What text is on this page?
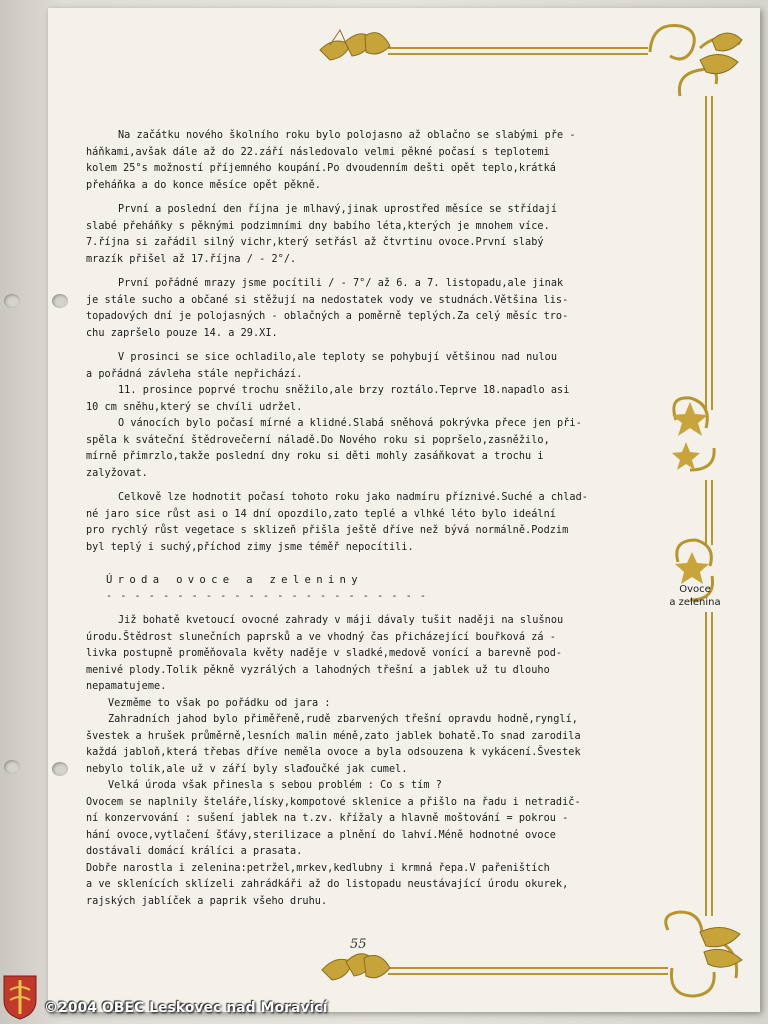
Na začátku nového školního roku bylo polojasno až oblačno se slabými pře -

háňkami,avšak dále až do 22.září následovalo velmi pěkné počasí s teplotemi

kolem 25°s možností příjemného koupání.Po dvoudenním dešti opět teplo,krátká

přeháňka a do konce měsíce opět pěkně.

První a poslední den října je mlhavý,jinak uprostřed měsíce se střídají

slabé přeháňky s pěknými podzimními dny babího léta,kterých je mnohem více.

7.října si zařádil silný vichr,který setřásl až čtvrtinu ovoce.První slabý

mrazík přišel až 17.října / - 2°/.

První pořádné mrazy jsme pocítili / - 7°/ až 6. a 7. listopadu,ale jinak

je stále sucho a občané si stěžují na nedostatek vody ve studnách.Většina lis-

topadových dní je polojasných - oblačných a poměrně teplých.Za celý měsíc tro-

chu zapršelo pouze 14. a 29.XI.

V prosinci se sice ochladilo,ale teploty se pohybují většinou nad nulou

a pořádná závleha stále nepřichází.

11. prosince poprvé trochu sněžilo,ale brzy roztálo.Teprve 18.napadlo asi

10 cm sněhu,který se chvíli udržel.

O vánocích bylo počasí mírné a klidné.Slabá sněhová pokrývka přece jen při-

spěla k sváteční štědrovečerní náladě.Do Nového roku si popršelo,zasněžilo,

mírně přimrzlo,takže poslední dny roku si děti mohly zasáňkovat a trochu i

zalyžovat.

Celkově lze hodnotit počasí tohoto roku jako nadmíru příznivé.Suché a chlad-

né jaro sice růst asi o 14 dní opozdilo,zato teplé a vlhké léto bylo ideální

pro rychlý růst vegetace s sklizeň přišla ještě dříve než bývá normálně.Podzim

byl teplý i suchý,příchod zimy jsme téměř nepocítili.

Úroda ovoce a zeleniny

- - - - - - - - - - - - - - - - - - - - - - -

Již bohatě kvetoucí ovocné zahrady v máji dávaly tušit naději na slušnou

úrodu.Štědrost slunečních paprsků a ve vhodný čas přicházející bouřková zá -

livka postupně proměňovala květy naděje v sladké,medově vonící a barevně pod-

menivé plody.Tolik pěkně vyzrálých a lahodných třešní a jablek už tu dlouho

nepamatujeme.

Vezměme to však po pořádku od jara :

Zahradních jahod bylo přiměřeně,rudě zbarvených třešní opravdu hodně,rynglí,

švestek a hrušek průměrně,lesních malin méně,zato jablek bohatě.To snad zarodila

každá jabloň,která třebas dříve neměla ovoce a byla odsouzena k vykácení.Švestek

nebylo tolik,ale už v září byly slaďoučké jak cumel.

Velká úroda však přinesla s sebou problém : Co s tím ?

Ovocem se naplnily šteláře,lísky,kompotové sklenice a přišlo na řadu i netradič-

ní konzervování : sušení jablek na t.zv. křížaly a hlavně moštování = pokrou -

hání ovoce,vytlačení šťávy,sterilizace a plnění do lahví.Méně hodnotné ovoce

dostávali domácí králíci a prasata.

Dobře narostla i zelenina:petržel,mrkev,kedlubny i krmná řepa.V pařeništích

a ve sklenících sklízeli zahrádkáři až do listopadu neustávající úrodu okurek,

rajských jablíček a paprik všeho druhu.

Ovoce
a zelenina
55
©2004 OBEC Leskovec nad Moravicí
